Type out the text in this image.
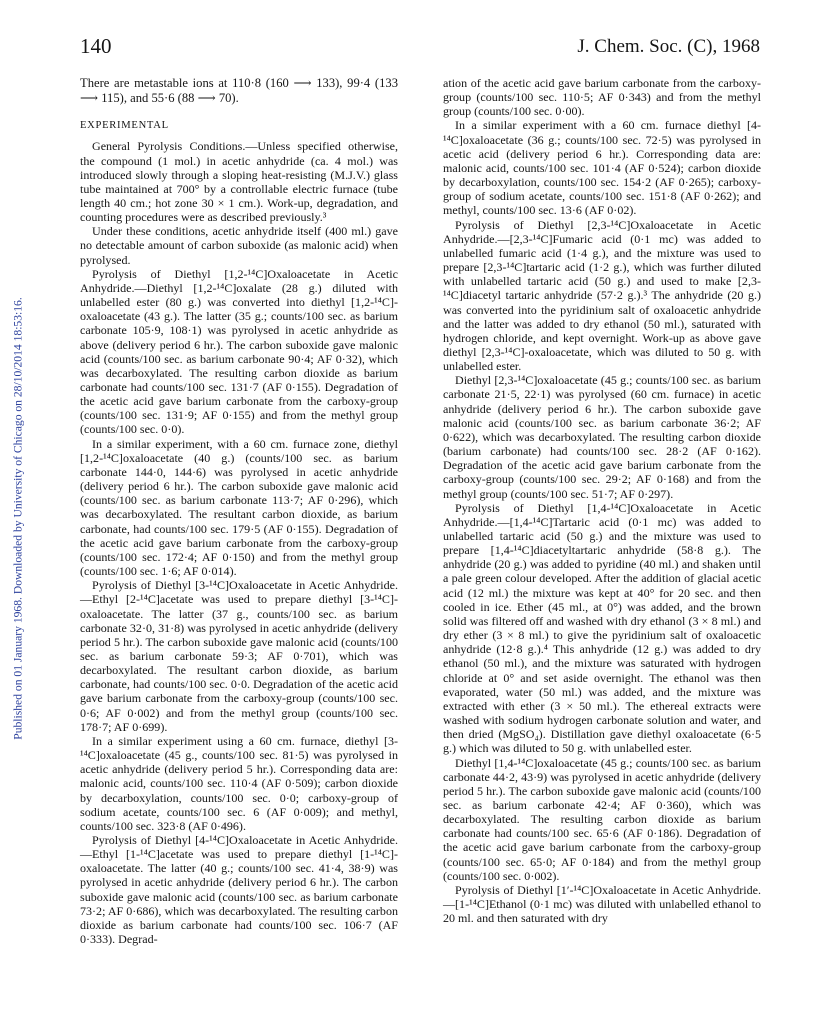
140	J. Chem. Soc. (C), 1968
Published on 01 January 1968. Downloaded by University of Chicago on 28/10/2014 18:53:16.

There are metastable ions at 110·8 (160 ⟶ 133), 99·4 (133 ⟶ 115), and 55·6 (88 ⟶ 70).

EXPERIMENTAL

General Pyrolysis Conditions.—Unless specified otherwise, the compound (1 mol.) in acetic anhydride (ca. 4 mol.) was introduced slowly through a sloping heat-resisting (M.J.V.) glass tube maintained at 700° by a controllable electric furnace (tube length 40 cm.; hot zone 30 × 1 cm.). Work-up, degradation, and counting procedures were as described previously.³

Under these conditions, acetic anhydride itself (400 ml.) gave no detectable amount of carbon suboxide (as malonic acid) when pyrolysed.

Pyrolysis of Diethyl [1,2-¹⁴C]Oxaloacetate in Acetic Anhydride.—Diethyl [1,2-¹⁴C]oxalate (28 g.) diluted with unlabelled ester (80 g.) was converted into diethyl [1,2-¹⁴C]-oxaloacetate (43 g.). The latter (35 g.; counts/100 sec. as barium carbonate 105·9, 108·1) was pyrolysed in acetic anhydride as above (delivery period 6 hr.). The carbon suboxide gave malonic acid (counts/100 sec. as barium carbonate 90·4; AF 0·32), which was decarboxylated. The resulting carbon dioxide as barium carbonate had counts/100 sec. 131·7 (AF 0·155). Degradation of the acetic acid gave barium carbonate from the carboxy-group (counts/100 sec. 131·9; AF 0·155) and from the methyl group (counts/100 sec. 0·0).

In a similar experiment, with a 60 cm. furnace zone, diethyl [1,2-¹⁴C]oxaloacetate (40 g.) (counts/100 sec. as barium carbonate 144·0, 144·6) was pyrolysed in acetic anhydride (delivery period 6 hr.). The carbon suboxide gave malonic acid (counts/100 sec. as barium carbonate 113·7; AF 0·296), which was decarboxylated. The resultant carbon dioxide, as barium carbonate, had counts/100 sec. 179·5 (AF 0·155). Degradation of the acetic acid gave barium carbonate from the carboxy-group (counts/100 sec. 172·4; AF 0·150) and from the methyl group (counts/100 sec. 1·6; AF 0·014).

Pyrolysis of Diethyl [3-¹⁴C]Oxaloacetate in Acetic Anhydride.—Ethyl [2-¹⁴C]acetate was used to prepare diethyl [3-¹⁴C]-oxaloacetate. The latter (37 g., counts/100 sec. as barium carbonate 32·0, 31·8) was pyrolysed in acetic anhydride (delivery period 5 hr.). The carbon suboxide gave malonic acid (counts/100 sec. as barium carbonate 59·3; AF 0·701), which was decarboxylated. The resultant carbon dioxide, as barium carbonate, had counts/100 sec. 0·0. Degradation of the acetic acid gave barium carbonate from the carboxy-group (counts/100 sec. 0·6; AF 0·002) and from the methyl group (counts/100 sec. 178·7; AF 0·699).

In a similar experiment using a 60 cm. furnace, diethyl [3-¹⁴C]oxaloacetate (45 g., counts/100 sec. 81·5) was pyrolysed in acetic anhydride (delivery period 5 hr.). Corresponding data are: malonic acid, counts/100 sec. 110·4 (AF 0·509); carbon dioxide by decarboxylation, counts/100 sec. 0·0; carboxy-group of sodium acetate, counts/100 sec. 6 (AF 0·009); and methyl, counts/100 sec. 323·8 (AF 0·496).

Pyrolysis of Diethyl [4-¹⁴C]Oxaloacetate in Acetic Anhydride.—Ethyl [1-¹⁴C]acetate was used to prepare diethyl [1-¹⁴C]-oxaloacetate. The latter (40 g.; counts/100 sec. 41·4, 38·9) was pyrolysed in acetic anhydride (delivery period 6 hr.). The carbon suboxide gave malonic acid (counts/100 sec. as barium carbonate 73·2; AF 0·686), which was decarboxylated. The resulting carbon dioxide as barium carbonate had counts/100 sec. 106·7 (AF 0·333). Degrad-

ation of the acetic acid gave barium carbonate from the carboxy-group (counts/100 sec. 110·5; AF 0·343) and from the methyl group (counts/100 sec. 0·00).

In a similar experiment with a 60 cm. furnace diethyl [4-¹⁴C]oxaloacetate (36 g.; counts/100 sec. 72·5) was pyrolysed in acetic acid (delivery period 6 hr.). Corresponding data are: malonic acid, counts/100 sec. 101·4 (AF 0·524); carbon dioxide by decarboxylation, counts/100 sec. 154·2 (AF 0·265); carboxy-group of sodium acetate, counts/100 sec. 151·8 (AF 0·262); and methyl, counts/100 sec. 13·6 (AF 0·02).

Pyrolysis of Diethyl [2,3-¹⁴C]Oxaloacetate in Acetic Anhydride.—[2,3-¹⁴C]Fumaric acid (0·1 mc) was added to unlabelled fumaric acid (1·4 g.), and the mixture was used to prepare [2,3-¹⁴C]tartaric acid (1·2 g.), which was further diluted with unlabelled tartaric acid (50 g.) and used to make [2,3-¹⁴C]diacetyl tartaric anhydride (57·2 g.).³ The anhydride (20 g.) was converted into the pyridinium salt of oxaloacetic anhydride and the latter was added to dry ethanol (50 ml.), saturated with hydrogen chloride, and kept overnight. Work-up as above gave diethyl [2,3-¹⁴C]-oxaloacetate, which was diluted to 50 g. with unlabelled ester.

Diethyl [2,3-¹⁴C]oxaloacetate (45 g.; counts/100 sec. as barium carbonate 21·5, 22·1) was pyrolysed (60 cm. furnace) in acetic anhydride (delivery period 6 hr.). The carbon suboxide gave malonic acid (counts/100 sec. as barium carbonate 36·2; AF 0·622), which was decarboxylated. The resulting carbon dioxide (barium carbonate) had counts/100 sec. 28·2 (AF 0·162). Degradation of the acetic acid gave barium carbonate from the carboxy-group (counts/100 sec. 29·2; AF 0·168) and from the methyl group (counts/100 sec. 51·7; AF 0·297).

Pyrolysis of Diethyl [1,4-¹⁴C]Oxaloacetate in Acetic Anhydride.—[1,4-¹⁴C]Tartaric acid (0·1 mc) was added to unlabelled tartaric acid (50 g.) and the mixture was used to prepare [1,4-¹⁴C]diacetyltartaric anhydride (58·8 g.). The anhydride (20 g.) was added to pyridine (40 ml.) and shaken until a pale green colour developed. After the addition of glacial acetic acid (12 ml.) the mixture was kept at 40° for 20 sec. and then cooled in ice. Ether (45 ml., at 0°) was added, and the brown solid was filtered off and washed with dry ethanol (3 × 8 ml.) and dry ether (3 × 8 ml.) to give the pyridinium salt of oxaloacetic anhydride (12·8 g.).⁴ This anhydride (12 g.) was added to dry ethanol (50 ml.), and the mixture was saturated with hydrogen chloride at 0° and set aside overnight. The ethanol was then evaporated, water (50 ml.) was added, and the mixture was extracted with ether (3 × 50 ml.). The ethereal extracts were washed with sodium hydrogen carbonate solution and water, and then dried (MgSO₄). Distillation gave diethyl oxaloacetate (6·5 g.) which was diluted to 50 g. with unlabelled ester.

Diethyl [1,4-¹⁴C]oxaloacetate (45 g.; counts/100 sec. as barium carbonate 44·2, 43·9) was pyrolysed in acetic anhydride (delivery period 5 hr.). The carbon suboxide gave malonic acid (counts/100 sec. as barium carbonate 42·4; AF 0·360), which was decarboxylated. The resulting carbon dioxide as barium carbonate had counts/100 sec. 65·6 (AF 0·186). Degradation of the acetic acid gave barium carbonate from the carboxy-group (counts/100 sec. 65·0; AF 0·184) and from the methyl group (counts/100 sec. 0·002).

Pyrolysis of Diethyl [1′-¹⁴C]Oxaloacetate in Acetic Anhydride.—[1-¹⁴C]Ethanol (0·1 mc) was diluted with unlabelled ethanol to 20 ml. and then saturated with dry
